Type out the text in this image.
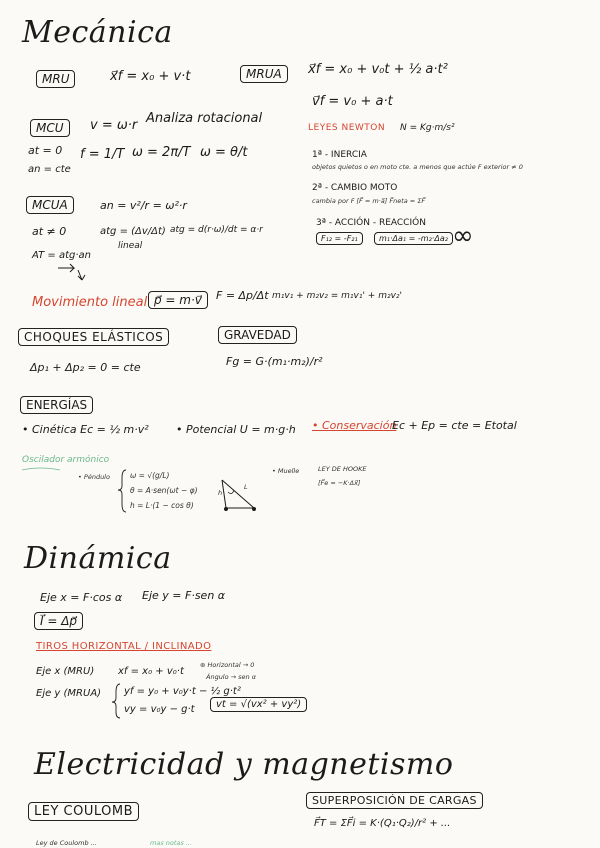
Mecánica
MRU	x⃗f = x₀ + v·t	MRUA	x⃗f = x₀ + v₀t + ½ a·t²
v⃗f = v₀ + a·t
LEYES NEWTON N = Kg·m/s²
1ª - INERCIA
objetos quietos o en moto cte. a menos que actúe F exterior ≠ 0
2ª - CAMBIO MOTO
cambia por F [F⃗ = m·a⃗] F⃗neta = ΣF⃗
3ª - ACCIÓN - REACCIÓN
F₁₂ = -F₂₁	m₁·Δa₁ = -m₂·Δa₂ ∞
MCU	v = ω·r Analiza rotacional
at = 0
an = cte
f = 1/T ω = 2π/T ω = θ/t
MCUA	an = v²/r = ω²·r
at ≠ 0	atg = (Δv/Δt) atg = d(r·ω)/dt = α·r
lineal
AT = atg·an
Movimiento lineal p⃗ = m·v⃗	F = Δp/Δt m₁v₁ + m₂v₂ = m₁v₁' + m₂v₂'
CHOQUES ELÁSTICOS
Δp₁ + Δp₂ = 0 = cte
GRAVEDAD
Fg = G·(m₁·m₂)/r²
ENERGÍAS
• Cinética Ec = ½ m·v² • Potencial U = m·g·h • Conservación
Ec + Ep = cte = Etotal
Oscilador armónico
• Péndulo	ω = √(g/L)
θ = A·sen(ωt − φ)
h = L·(1 − cos θ)
h
L
• Muelle	LEY DE HOOKE
[F⃗e = −K·Δx⃗]
Dinámica
Eje x = F·cos α Eje y = F·sen α
I⃗ = Δp⃗
TIROS HORIZONTAL / INCLINADO
Eje x (MRU) xf = x₀ + v₀·t
⊛ Horizontal → 0
Ángulo → sen α
Eje y (MRUA) yf = y₀ + v₀y·t − ½ g·t²
vy = v₀y − g·t	vt = √(vx² + vy²)
Electricidad y magnetismo
LEY COULOMB
SUPERPOSICIÓN DE CARGAS
F⃗T = ΣF⃗i = K·(Q₁·Q₂)/r² + ...
mas notas ...
Ley de Coulomb ...
